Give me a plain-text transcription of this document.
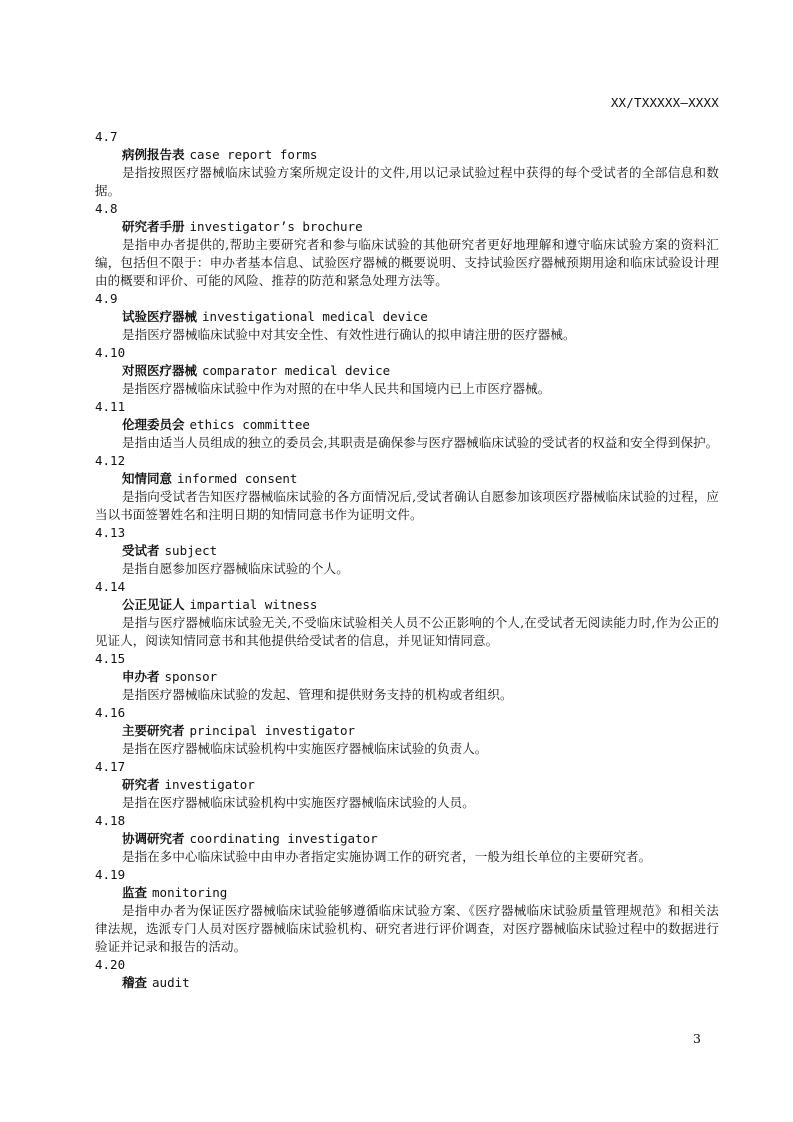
XX/TXXXXX—XXXX
4.7
病例报告表 case report forms
是指按照医疗器械临床试验方案所规定设计的文件,用以记录试验过程中获得的每个受试者的全部信息和数据。
4.8
研究者手册 investigator’s brochure
是指申办者提供的,帮助主要研究者和参与临床试验的其他研究者更好地理解和遵守临床试验方案的资料汇编，包括但不限于：申办者基本信息、试验医疗器械的概要说明、支持试验医疗器械预期用途和临床试验设计理由的概要和评价、可能的风险、推荐的防范和紧急处理方法等。
4.9
试验医疗器械 investigational medical device
是指医疗器械临床试验中对其安全性、有效性进行确认的拟申请注册的医疗器械。
4.10
对照医疗器械 comparator medical device
是指医疗器械临床试验中作为对照的在中华人民共和国境内已上市医疗器械。
4.11
伦理委员会 ethics committee
是指由适当人员组成的独立的委员会,其职责是确保参与医疗器械临床试验的受试者的权益和安全得到保护。
4.12
知情同意 informed consent
是指向受试者告知医疗器械临床试验的各方面情况后,受试者确认自愿参加该项医疗器械临床试验的过程，应当以书面签署姓名和注明日期的知情同意书作为证明文件。
4.13
受试者 subject
是指自愿参加医疗器械临床试验的个人。
4.14
公正见证人 impartial witness
是指与医疗器械临床试验无关,不受临床试验相关人员不公正影响的个人,在受试者无阅读能力时,作为公正的见证人，阅读知情同意书和其他提供给受试者的信息，并见证知情同意。
4.15
申办者 sponsor
是指医疗器械临床试验的发起、管理和提供财务支持的机构或者组织。
4.16
主要研究者 principal investigator
是指在医疗器械临床试验机构中实施医疗器械临床试验的负责人。
4.17
研究者 investigator
是指在医疗器械临床试验机构中实施医疗器械临床试验的人员。
4.18
协调研究者 coordinating investigator
是指在多中心临床试验中由申办者指定实施协调工作的研究者，一般为组长单位的主要研究者。
4.19
监查 monitoring
是指申办者为保证医疗器械临床试验能够遵循临床试验方案、《医疗器械临床试验质量管理规范》和相关法律法规，选派专门人员对医疗器械临床试验机构、研究者进行评价调查，对医疗器械临床试验过程中的数据进行验证并记录和报告的活动。
4.20
稽查 audit
3
